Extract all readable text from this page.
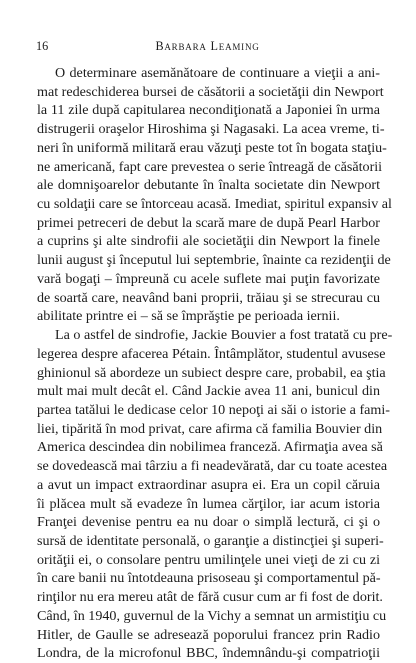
16	Barbara Leaming
O determinare asemănătoare de continuare a vieţii a ani-
mat redeschiderea bursei de căsătorii a societăţii din Newport
la 11 zile după capitularea necondiţionată a Japoniei în urma
distrugerii oraşelor Hiroshima şi Nagasaki. La acea vreme, ti-
neri în uniformă militară erau văzuţi peste tot în bogata staţiu-
ne americană, fapt care prevestea o serie întreagă de căsătorii
ale domnişoarelor debutante în înalta societate din Newport
cu soldaţii care se întorceau acasă. Imediat, spiritul expansiv al
primei petreceri de debut la scară mare de după Pearl Harbor
a cuprins şi alte sindrofii ale societăţii din Newport la finele
lunii august şi începutul lui septembrie, înainte ca rezidenţii de
vară bogaţi – împreună cu acele suflete mai puţin favorizate
de soartă care, neavând bani proprii, trăiau şi se strecurau cu
abilitate printre ei – să se împrăştie pe perioada iernii.
La o astfel de sindrofie, Jackie Bouvier a fost tratată cu pre-
legerea despre afacerea Pétain. Întâmplător, studentul avusese
ghinionul să abordeze un subiect despre care, probabil, ea ştia
mult mai mult decât el. Când Jackie avea 11 ani, bunicul din
partea tatălui le dedicase celor 10 nepoţi ai săi o istorie a fami-
liei, tipărită în mod privat, care afirma că familia Bouvier din
America descindea din nobilimea franceză. Afirmaţia avea să
se dovedească mai târziu a fi neadevărată, dar cu toate acestea
a avut un impact extraordinar asupra ei. Era un copil căruia
îi plăcea mult să evadeze în lumea cărţilor, iar acum istoria
Franţei devenise pentru ea nu doar o simplă lectură, ci şi o
sursă de identitate personală, o garanţie a distincţiei şi superi-
orităţii ei, o consolare pentru umilinţele unei vieţi de zi cu zi
în care banii nu întotdeauna prisoseau şi comportamentul pă-
rinţilor nu era mereu atât de fără cusur cum ar fi fost de dorit.
Când, în 1940, guvernul de la Vichy a semnat un armistiţiu cu
Hitler, de Gaulle se adresează poporului francez prin Radio
Londra, de la microfonul BBC, îndemnându-şi compatrioţii
